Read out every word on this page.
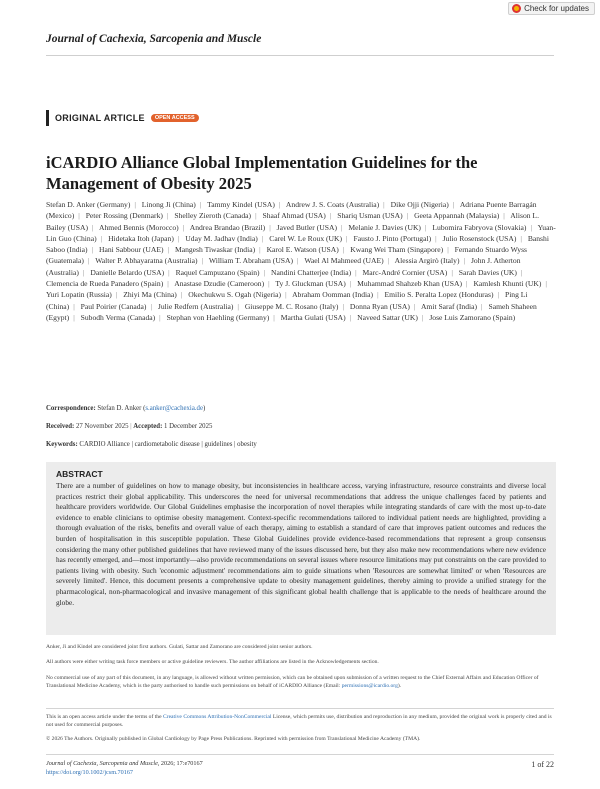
Check for updates
Journal of Cachexia, Sarcopenia and Muscle
ORIGINAL ARTICLE	OPEN ACCESS
iCARDIO Alliance Global Implementation Guidelines for the Management of Obesity 2025
Stefan D. Anker (Germany) | Linong Ji (China) | Tammy Kindel (USA) | Andrew J. S. Coats (Australia) | Dike Ojji (Nigeria) | Adriana Puente Barragán (Mexico) | Peter Rossing (Denmark) | Shelley Zieroth (Canada) | Shaaf Ahmad (USA) | Shariq Usman (USA) | Geeta Appannah (Malaysia) | Alison L. Bailey (USA) | Ahmed Bennis (Morocco) | Andrea Brandao (Brazil) | Javed Butler (USA) | Melanie J. Davies (UK) | Lubomira Fabryova (Slovakia) | Yuan-Lin Guo (China) | Hidetaka Itoh (Japan) | Uday M. Jadhav (India) | Carel W. Le Roux (UK) | Fausto J. Pinto (Portugal) | Julio Rosenstock (USA) | Banshi Saboo (India) | Hani Sabbour (UAE) | Mangesh Tiwaskar (India) | Karol E. Watson (USA) | Kwang Wei Tham (Singapore) | Fernando Stuardo Wyss (Guatemala) | Walter P. Abhayaratna (Australia) | William T. Abraham (USA) | Wael Al Mahmeed (UAE) | Alessia Argirò (Italy) | John J. Atherton (Australia) | Danielle Belardo (USA) | Raquel Campuzano (Spain) | Nandini Chatterjee (India) | Marc-André Cornier (USA) | Sarah Davies (UK) | Clemencia de Rueda Panadero (Spain) | Anastase Dzudie (Cameroon) | Ty J. Gluckman (USA) | Muhammad Shahzeb Khan (USA) | Kamlesh Khunti (UK) | Yuri Lopatin (Russia) | Zhiyi Ma (China) | Okechukwu S. Ogah (Nigeria) | Abraham Oomman (India) | Emilio S. Peralta Lopez (Honduras) | Ping Li (China) | Paul Poirier (Canada) | Julie Redfern (Australia) | Giuseppe M. C. Rosano (Italy) | Donna Ryan (USA) | Amit Saraf (India) | Sameh Shaheen (Egypt) | Subodh Verma (Canada) | Stephan von Haehling (Germany) | Martha Gulati (USA) | Naveed Sattar (UK) | Jose Luis Zamorano (Spain)
Correspondence: Stefan D. Anker (s.anker@cachexia.de)
Received: 27 November 2025 | Accepted: 1 December 2025
Keywords: CARDIO Alliance | cardiometabolic disease | guidelines | obesity
ABSTRACT

There are a number of guidelines on how to manage obesity, but inconsistencies in healthcare access, varying infrastructure, resource constraints and diverse local practices restrict their global applicability. This underscores the need for universal recommendations that address the unique challenges faced by patients and healthcare providers worldwide. Our Global Guidelines emphasise the incorporation of novel therapies while integrating standards of care with the most up-to-date evidence to enable clinicians to optimise obesity management. Context-specific recommendations tailored to individual patient needs are highlighted, providing a thorough evaluation of the risks, benefits and overall value of each therapy, aiming to establish a standard of care that improves patient outcomes and reduces the burden of hospitalisation in this susceptible population. These Global Guidelines provide evidence-based recommendations that represent a group consensus considering the many other published guidelines that have reviewed many of the issues discussed here, but they also make new recommendations where new evidence has recently emerged, and—most importantly—also provide recommendations on several issues where resource limitations may put constraints on the care provided to patients living with obesity. Such 'economic adjustment' recommendations aim to guide situations when 'Resources are somewhat limited' or when 'Resources are severely limited'. Hence, this document presents a comprehensive update to obesity management guidelines, thereby aiming to provide a unified strategy for the pharmacological, non-pharmacological and invasive management of this significant global health challenge that is applicable to the needs of healthcare around the globe.

Anker, Ji and Kindel are considered joint first authors. Gulati, Sattar and Zamorano are considered joint senior authors.
All authors were either writing task force members or active guideline reviewers. The author affiliations are listed in the Acknowledgements section.
No commercial use of any part of this document, in any language, is allowed without written permission, which can be obtained upon submission of a written request to the Chief External Affairs and Education Officer of Translational Medicine Academy, which is the party authorised to handle such permissions on behalf of iCARDIO Alliance (Email: permissions@icardio.org).
This is an open access article under the terms of the Creative Commons Attribution-NonCommercial License, which permits use, distribution and reproduction in any medium, provided the original work is properly cited and is not used for commercial purposes.
© 2026 The Authors. Originally published in Global Cardiology by Page Press Publications. Reprinted with permission from Translational Medicine Academy (TMA).
Journal of Cachexia, Sarcopenia and Muscle, 2026; 17:e70167
https://doi.org/10.1002/jcsm.70167
1 of 22
